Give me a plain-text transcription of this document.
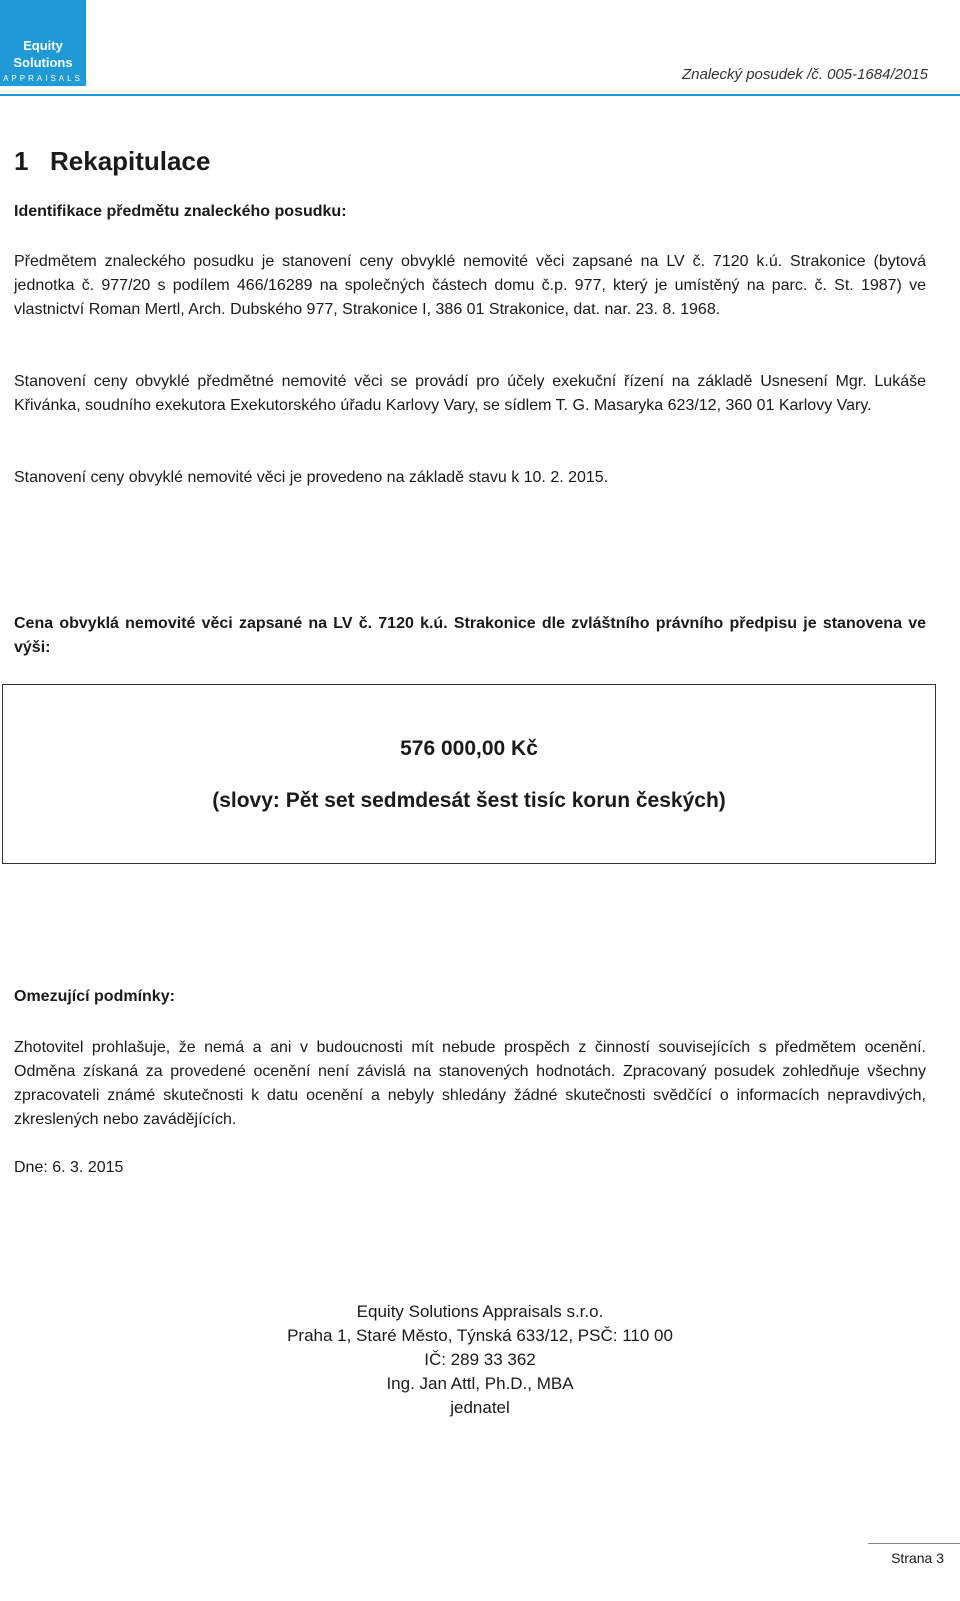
Equity
Solutions
APPRAISALS	Znalecký posudek /č. 005-1684/2015
1 Rekapitulace
Identifikace předmětu znaleckého posudku:
Předmětem znaleckého posudku je stanovení ceny obvyklé nemovité věci zapsané na LV č. 7120 k.ú. Strakonice (bytová jednotka č. 977/20 s podílem 466/16289 na společných částech domu č.p. 977, který je umístěný na parc. č. St. 1987) ve vlastnictví Roman Mertl, Arch. Dubského 977, Strakonice I, 386 01 Strakonice, dat. nar. 23. 8. 1968.
Stanovení ceny obvyklé předmětné nemovité věci se provádí pro účely exekuční řízení na základě Usnesení Mgr. Lukáše Křivánka, soudního exekutora Exekutorského úřadu Karlovy Vary, se sídlem T. G. Masaryka 623/12, 360 01 Karlovy Vary.
Stanovení ceny obvyklé nemovité věci je provedeno na základě stavu k 10. 2. 2015.
Cena obvyklá nemovité věci zapsané na LV č. 7120 k.ú. Strakonice dle zvláštního právního předpisu je stanovena ve výši:
576 000,00 Kč
(slovy: Pět set sedmdesát šest tisíc korun českých)
Omezující podmínky:
Zhotovitel prohlašuje, že nemá a ani v budoucnosti mít nebude prospěch z činností souvisejících s předmětem ocenění. Odměna získaná za provedené ocenění není závislá na stanovených hodnotách. Zpracovaný posudek zohledňuje všechny zpracovateli známé skutečnosti k datu ocenění a nebyly shledány žádné skutečnosti svědčící o informacích nepravdivých, zkreslených nebo zavádějících.
Dne: 6. 3. 2015
Equity Solutions Appraisals s.r.o.
Praha 1, Staré Město, Týnská 633/12, PSČ: 110 00
IČ: 289 33 362
Ing. Jan Attl, Ph.D., MBA
jednatel
Strana 3
